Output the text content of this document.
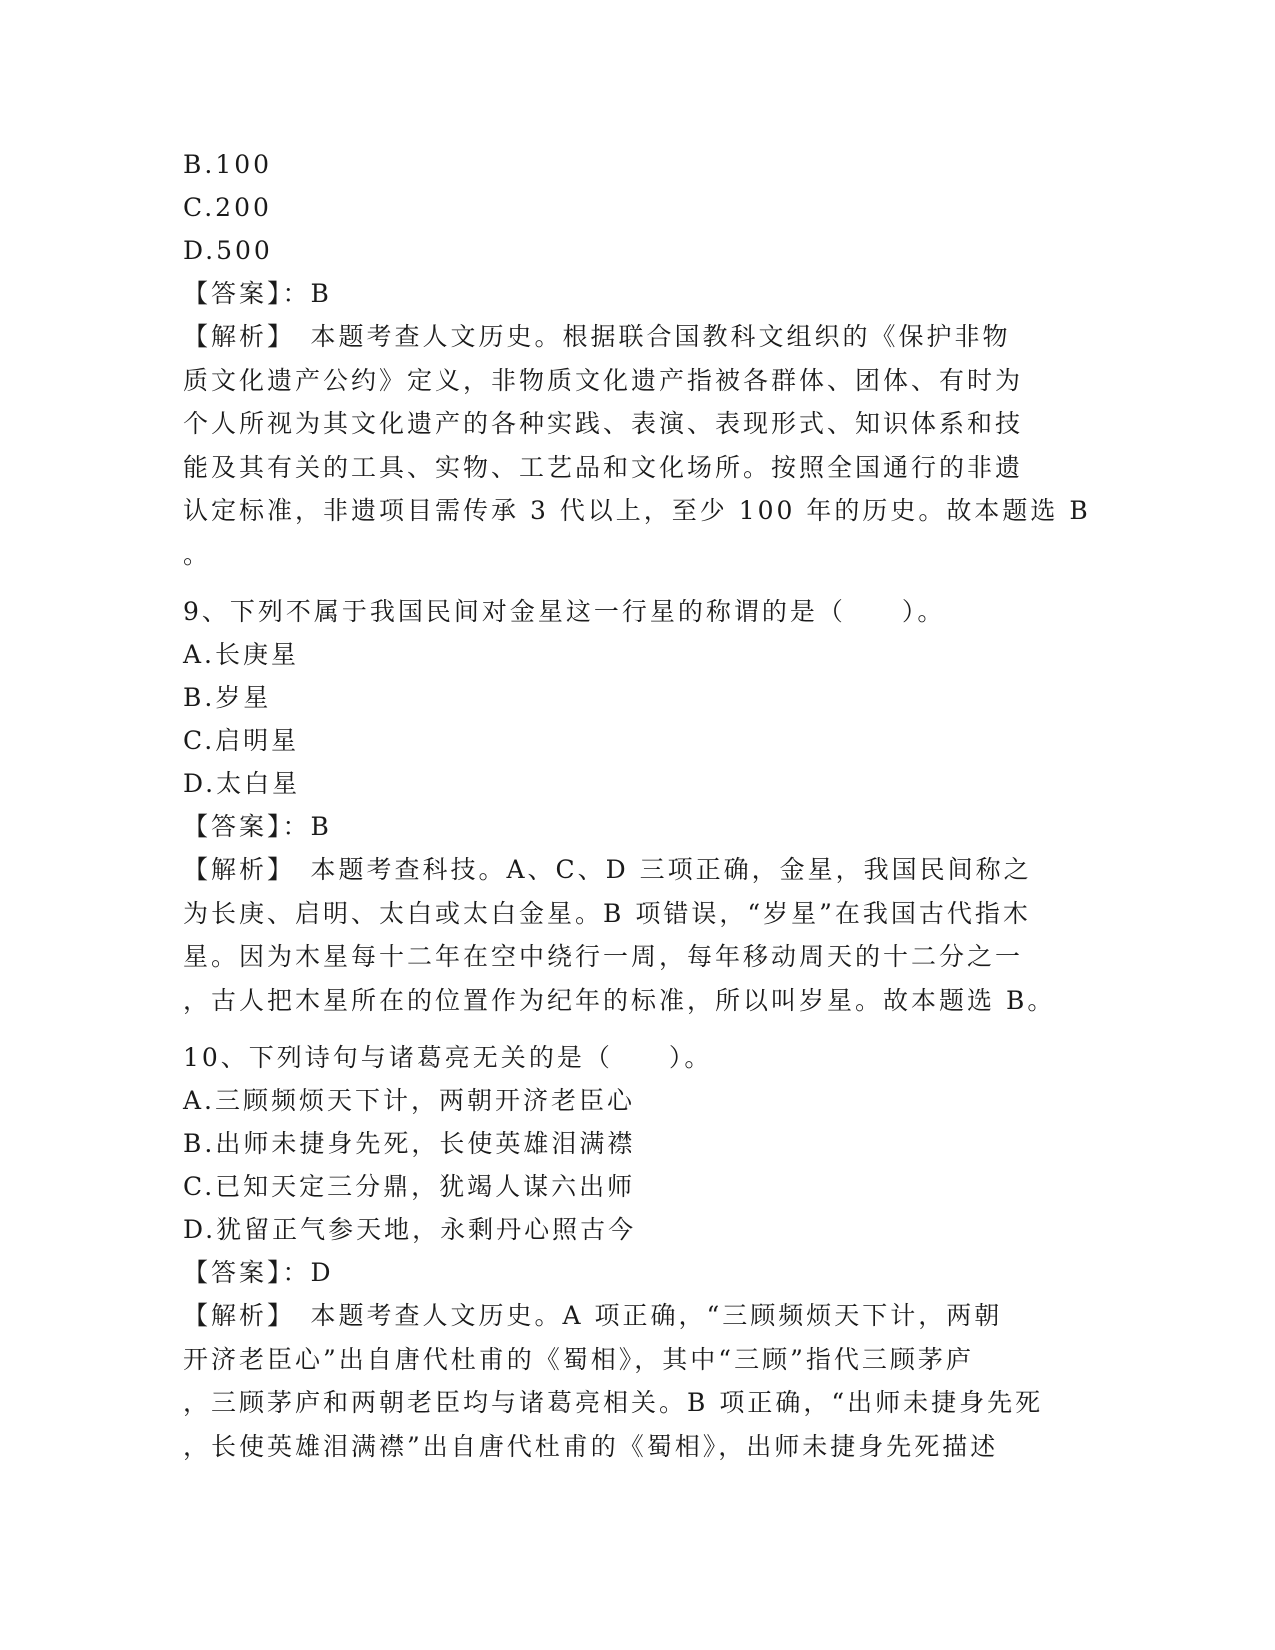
B.100
C.200
D.500
【答案】：B
【解析】　本题考查人文历史。根据联合国教科文组织的《保护非物
质文化遗产公约》定义，非物质文化遗产指被各群体、团体、有时为
个人所视为其文化遗产的各种实践、表演、表现形式、知识体系和技
能及其有关的工具、实物、工艺品和文化场所。按照全国通行的非遗
认定标准，非遗项目需传承 3 代以上，至少 100 年的历史。故本题选 B
。
9、下列不属于我国民间对金星这一行星的称谓的是（　　）。
A.长庚星
B.岁星
C.启明星
D.太白星
【答案】：B
【解析】　本题考查科技。A、C、D 三项正确，金星，我国民间称之
为长庚、启明、太白或太白金星。B 项错误，“岁星”在我国古代指木
星。因为木星每十二年在空中绕行一周，每年移动周天的十二分之一
，古人把木星所在的位置作为纪年的标准，所以叫岁星。故本题选 B。
10、下列诗句与诸葛亮无关的是（　　）。
A.三顾频烦天下计，两朝开济老臣心
B.出师未捷身先死，长使英雄泪满襟
C.已知天定三分鼎，犹竭人谋六出师
D.犹留正气参天地，永剩丹心照古今
【答案】：D
【解析】　本题考查人文历史。A 项正确，“三顾频烦天下计，两朝
开济老臣心”出自唐代杜甫的《蜀相》，其中“三顾”指代三顾茅庐
，三顾茅庐和两朝老臣均与诸葛亮相关。B 项正确，“出师未捷身先死
，长使英雄泪满襟”出自唐代杜甫的《蜀相》，出师未捷身先死描述
